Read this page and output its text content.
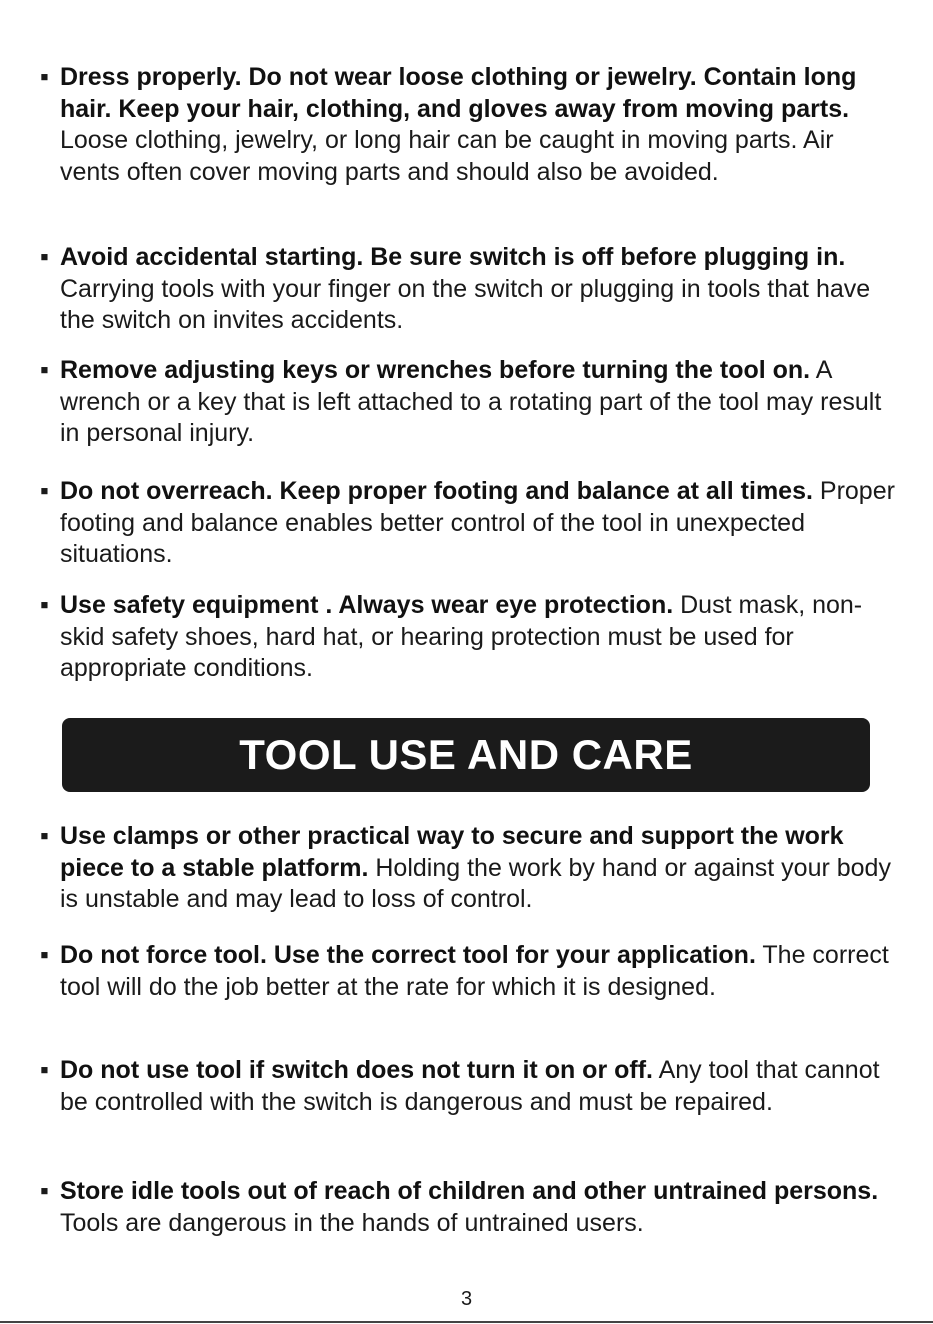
▪ Dress properly. Do not wear loose clothing or jewelry. Contain long hair. Keep your hair, clothing, and gloves away from moving parts. Loose clothing, jewelry, or long hair can be caught in moving parts. Air vents often cover moving parts and should also be avoided.
▪ Avoid accidental starting. Be sure switch is off before plugging in. Carrying tools with your finger on the switch or plugging in tools that have the switch on invites accidents.
▪ Remove adjusting keys or wrenches before turning the tool on. A wrench or a key that is left attached to a rotating part of the tool may result in personal injury.
▪ Do not overreach. Keep proper footing and balance at all times. Proper footing and balance enables better control of the tool in unexpected situations.
▪ Use safety equipment . Always wear eye protection. Dust mask, non-skid safety shoes, hard hat, or hearing protection must be used for appropriate conditions.
TOOL USE AND CARE
▪ Use clamps or other practical way to secure and support the work piece to a stable platform. Holding the work by hand or against your body is unstable and may lead to loss of control.
▪ Do not force tool. Use the correct tool for your application. The correct tool will do the job better at the rate for which it is designed.
▪ Do not use tool if switch does not turn it on or off. Any tool that cannot be controlled with the switch is dangerous and must be repaired.
▪ Store idle tools out of reach of children and other untrained persons. Tools are dangerous in the hands of untrained users.
3
